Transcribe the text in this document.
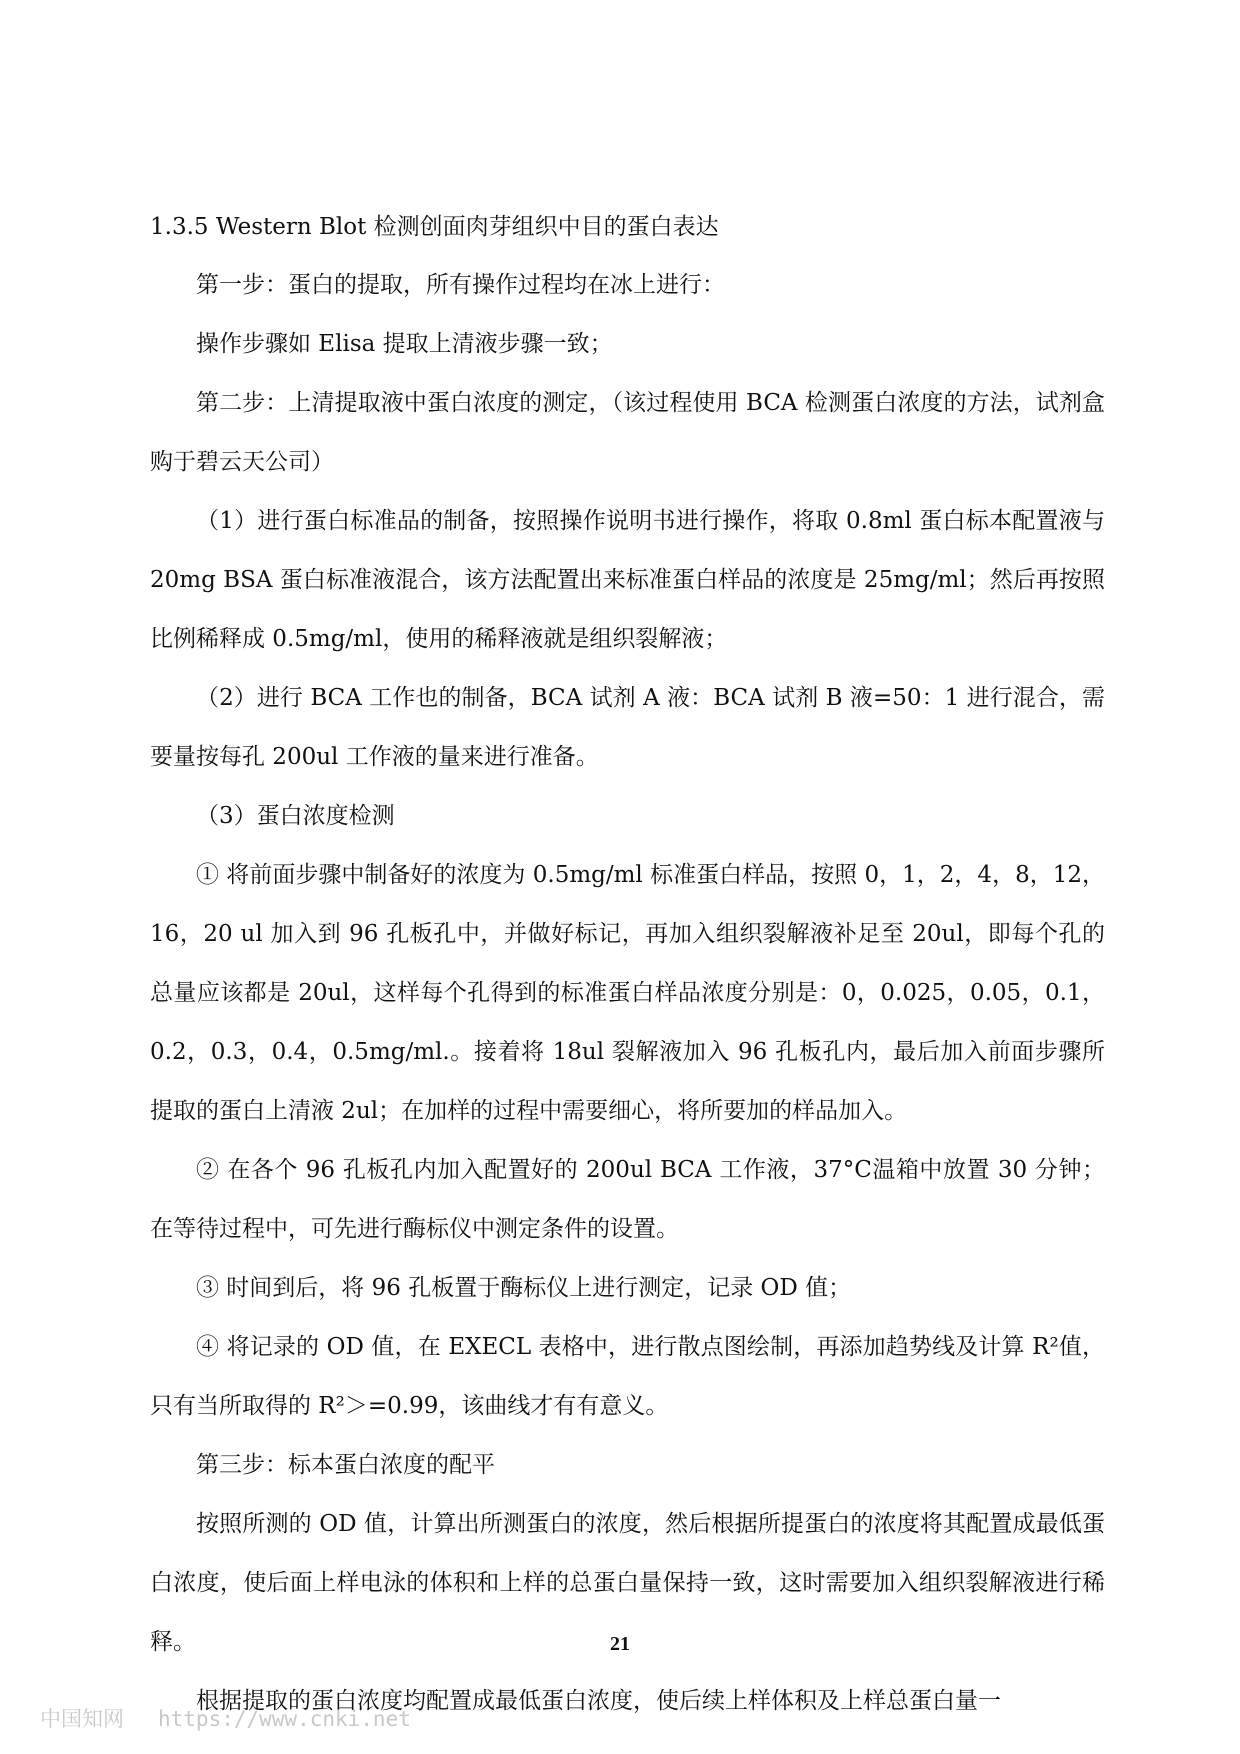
1.3.5 Western Blot 检测创面肉芽组织中目的蛋白表达

第一步：蛋白的提取，所有操作过程均在冰上进行：

操作步骤如 Elisa 提取上清液步骤一致；

第二步：上清提取液中蛋白浓度的测定，（该过程使用 BCA 检测蛋白浓度的方法，试剂盒购于碧云天公司）

（1）进行蛋白标准品的制备，按照操作说明书进行操作，将取 0.8ml 蛋白标本配置液与 20mg BSA 蛋白标准液混合，该方法配置出来标准蛋白样品的浓度是 25mg/ml；然后再按照比例稀释成 0.5mg/ml，使用的稀释液就是组织裂解液；

（2）进行 BCA 工作也的制备，BCA 试剂 A 液：BCA 试剂 B 液=50：1 进行混合，需要量按每孔 200ul 工作液的量来进行准备。

（3）蛋白浓度检测

① 将前面步骤中制备好的浓度为 0.5mg/ml 标准蛋白样品，按照 0，1，2，4，8，12，16，20 ul 加入到 96 孔板孔中，并做好标记，再加入组织裂解液补足至 20ul，即每个孔的总量应该都是 20ul，这样每个孔得到的标准蛋白样品浓度分别是：0，0.025，0.05，0.1，0.2，0.3，0.4，0.5mg/ml.。接着将 18ul 裂解液加入 96 孔板孔内，最后加入前面步骤所提取的蛋白上清液 2ul；在加样的过程中需要细心，将所要加的样品加入。

② 在各个 96 孔板孔内加入配置好的 200ul BCA 工作液，37°C温箱中放置 30 分钟；在等待过程中，可先进行酶标仪中测定条件的设置。

③ 时间到后，将 96 孔板置于酶标仪上进行测定，记录 OD 值；

④ 将记录的 OD 值，在 EXECL 表格中，进行散点图绘制，再添加趋势线及计算 R²值，只有当所取得的 R²＞=0.99，该曲线才有有意义。

第三步：标本蛋白浓度的配平

按照所测的 OD 值，计算出所测蛋白的浓度，然后根据所提蛋白的浓度将其配置成最低蛋白浓度，使后面上样电泳的体积和上样的总蛋白量保持一致，这时需要加入组织裂解液进行稀释。

根据提取的蛋白浓度均配置成最低蛋白浓度，使后续上样体积及上样总蛋白量一

21
中国知网 https://www.cnki.net
